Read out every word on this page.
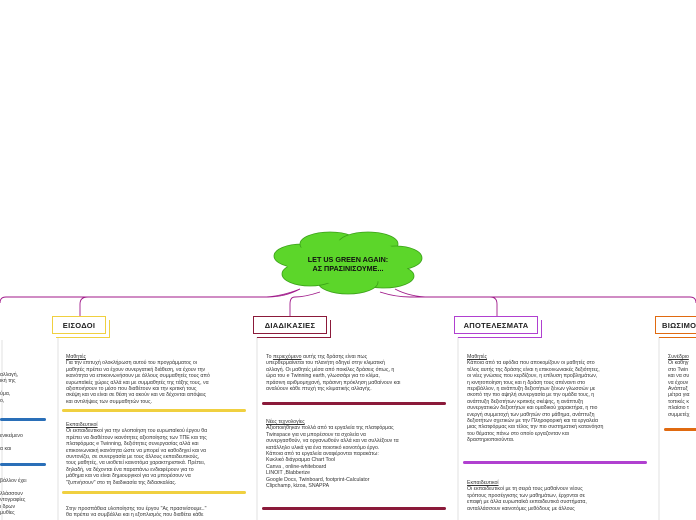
LET US GREEN AGAIN:
ΑΣ ΠΡΑΣΙΝΙΣΟΥΜΕ...
ΕΙΣΟΔΟΙ	ΔΙΑΔΙΚΑΣΙΕΣ	ΑΠΟΤΕΛΕΣΜΑΤΑ	ΒΙΩΣΙΜΟ
αλλαγή,
ική της

ύμα,
ο,
ενικείμενο

α και
βάλλον έχει

λλάσσουν
ντογραφίες
ι δρων
μυθίες
Μαθητές
Για την επιτυχή ολοκλήρωση αυτού του προγράμματος οι
μαθητές πρέπει να έχουν συνεργατική διάθεση, να έχουν την
ικανότητα να επικοινωνήσουν με άλλους συμμαθητές τους από
ευρωπαϊκές χώρες αλλά και με συμμαθητές της τάξης τους, να
αξιοποιήσουν το μέσο που διαθέτουν και την κριτική τους
σκέψη και να είναι σε θέση να ακούν και να δέχονται απόψεις
και αντιλήψεις των συμμαθητών τους.
Εκπαιδευτικοί
Οι εκπαιδευτικοί για την υλοποίηση του ευρωπαϊκού έργου θα
πρέπει να διαθέτουν ικανότητες αξιοποίησης των ΤΠΕ και της
πλατφόρμας e Twinning, δεξιότητες συνεργασίας αλλά και
επικοινωνιακή ικανότητα ώστε να μπορεί να καθοδηγεί και να
συντονίζει, σε συνεργασία με τους άλλους εκπαιδευτικούς,
τους μαθητές, να υιοθετεί καινοτόμα χαρακτηριστικά. Πρέπει,
δηλαδή, να δέχονται ένα παραπάνω ενδιαφέρουν για το
μάθημα και να είναι δημιουργικοί για να μπορέσουν να
"ξυπνήσουν" στο τη διαδικασία της διδασκαλίας.
Στην προσπάθεια υλοποίησης του έργου "Ας πρασινίσουμε.."
θα πρέπει να συμβάλλει και η εξοπλισμός που διαθέτει κάθε
Το περιεχόμενο αυτής της δράσης είναι πως
υπερθερμαίνεται του πλανήτη οδηγεί στην κλιματική
αλλαγή. Οι μαθητές μέσα από ποικίλες δράσεις όπως, η
ώρα του e Twinning earth, γλωσσάρι για το κλίμα,
πράσινη αριθμομηχανή, πράσινη πρόκληση μαθαίνουν και
αναλύουν κάθε πτυχή της κλιματικής αλλαγής.
Νέες τεχνολογίες
Αξιοποιήθηκαν πολλά από τα εργαλεία της πλατφόρμας
Twinspace για να μπορέσουν τα σχολεία να
συνεργασθούν, να οργανωθούν αλλά και να συλλέξουν τα
κατάλληλο υλικά για ένα ποιοτικό κοινοτόμο έργο.
Κάποια από τα εργαλεία αναφέρονται παρακάτω:
Κυκλικό διάγραμμα Chart Tool
Canva , online-whiteboard
LINOIT ,Blabberize
Google Docs, Twinboard, footprint-Calculator
Clipchamp, kizoa, SNAPPA
Μαθητές
Κάποια από τα εφόδια που αποκομίζουν οι μαθητές στο
τέλος αυτής της δράσης είναι η επικοινωνιακές δεξιότητες,
οι νέες γνώσεις που κερδίζουν, η επίλυση προβλημάτων,
η κινητοποίηση τους και η δράση τους απέναντι στο
περιβάλλον, η ανάπτυξη δεξιοτήτων ξένων γλωσσών με
σκοπό την πιο αψηλή συνεργασία με την ομάδα τους, η
ανάπτυξη δεξιοτήτων κριτικής σκέψης, η ανάπτυξη
συνεργατικών δεξιοτήτων και ομαδικού χαρακτήρα, η πιο
ενεργή συμμετοχή των μαθητών στο μάθημα, ανάπτυξη
δεξιοτήτων σχετικών με την Πληροφορική και τα εργαλεία
μιας πλατφόρμας και τέλος την πιο συστηματική κατανόηση
του θέματος πάνω στο οποίο εργαζονταν και
δραστηριοποιούνται.
Εκπαιδευτικοί
Οι εκπαιδευτικοί με τη σειρά τους μαθαίνουν νέους
τρόπους προσέγγισης των μαθημάτων, έρχονται σε
επαφή με άλλα ευρωπαϊκά εκπαιδευτικά συστήματα,
ανταλλάσσουν καινοτόμες μεθόδους με άλλους
Συνέδριο
Οι καθηγ
στο Twin
και να συ
να έχουν
Ανάπτυξ
μέτρα για
τοπικές κ
πλαίσιο τ
συμμετέχ
